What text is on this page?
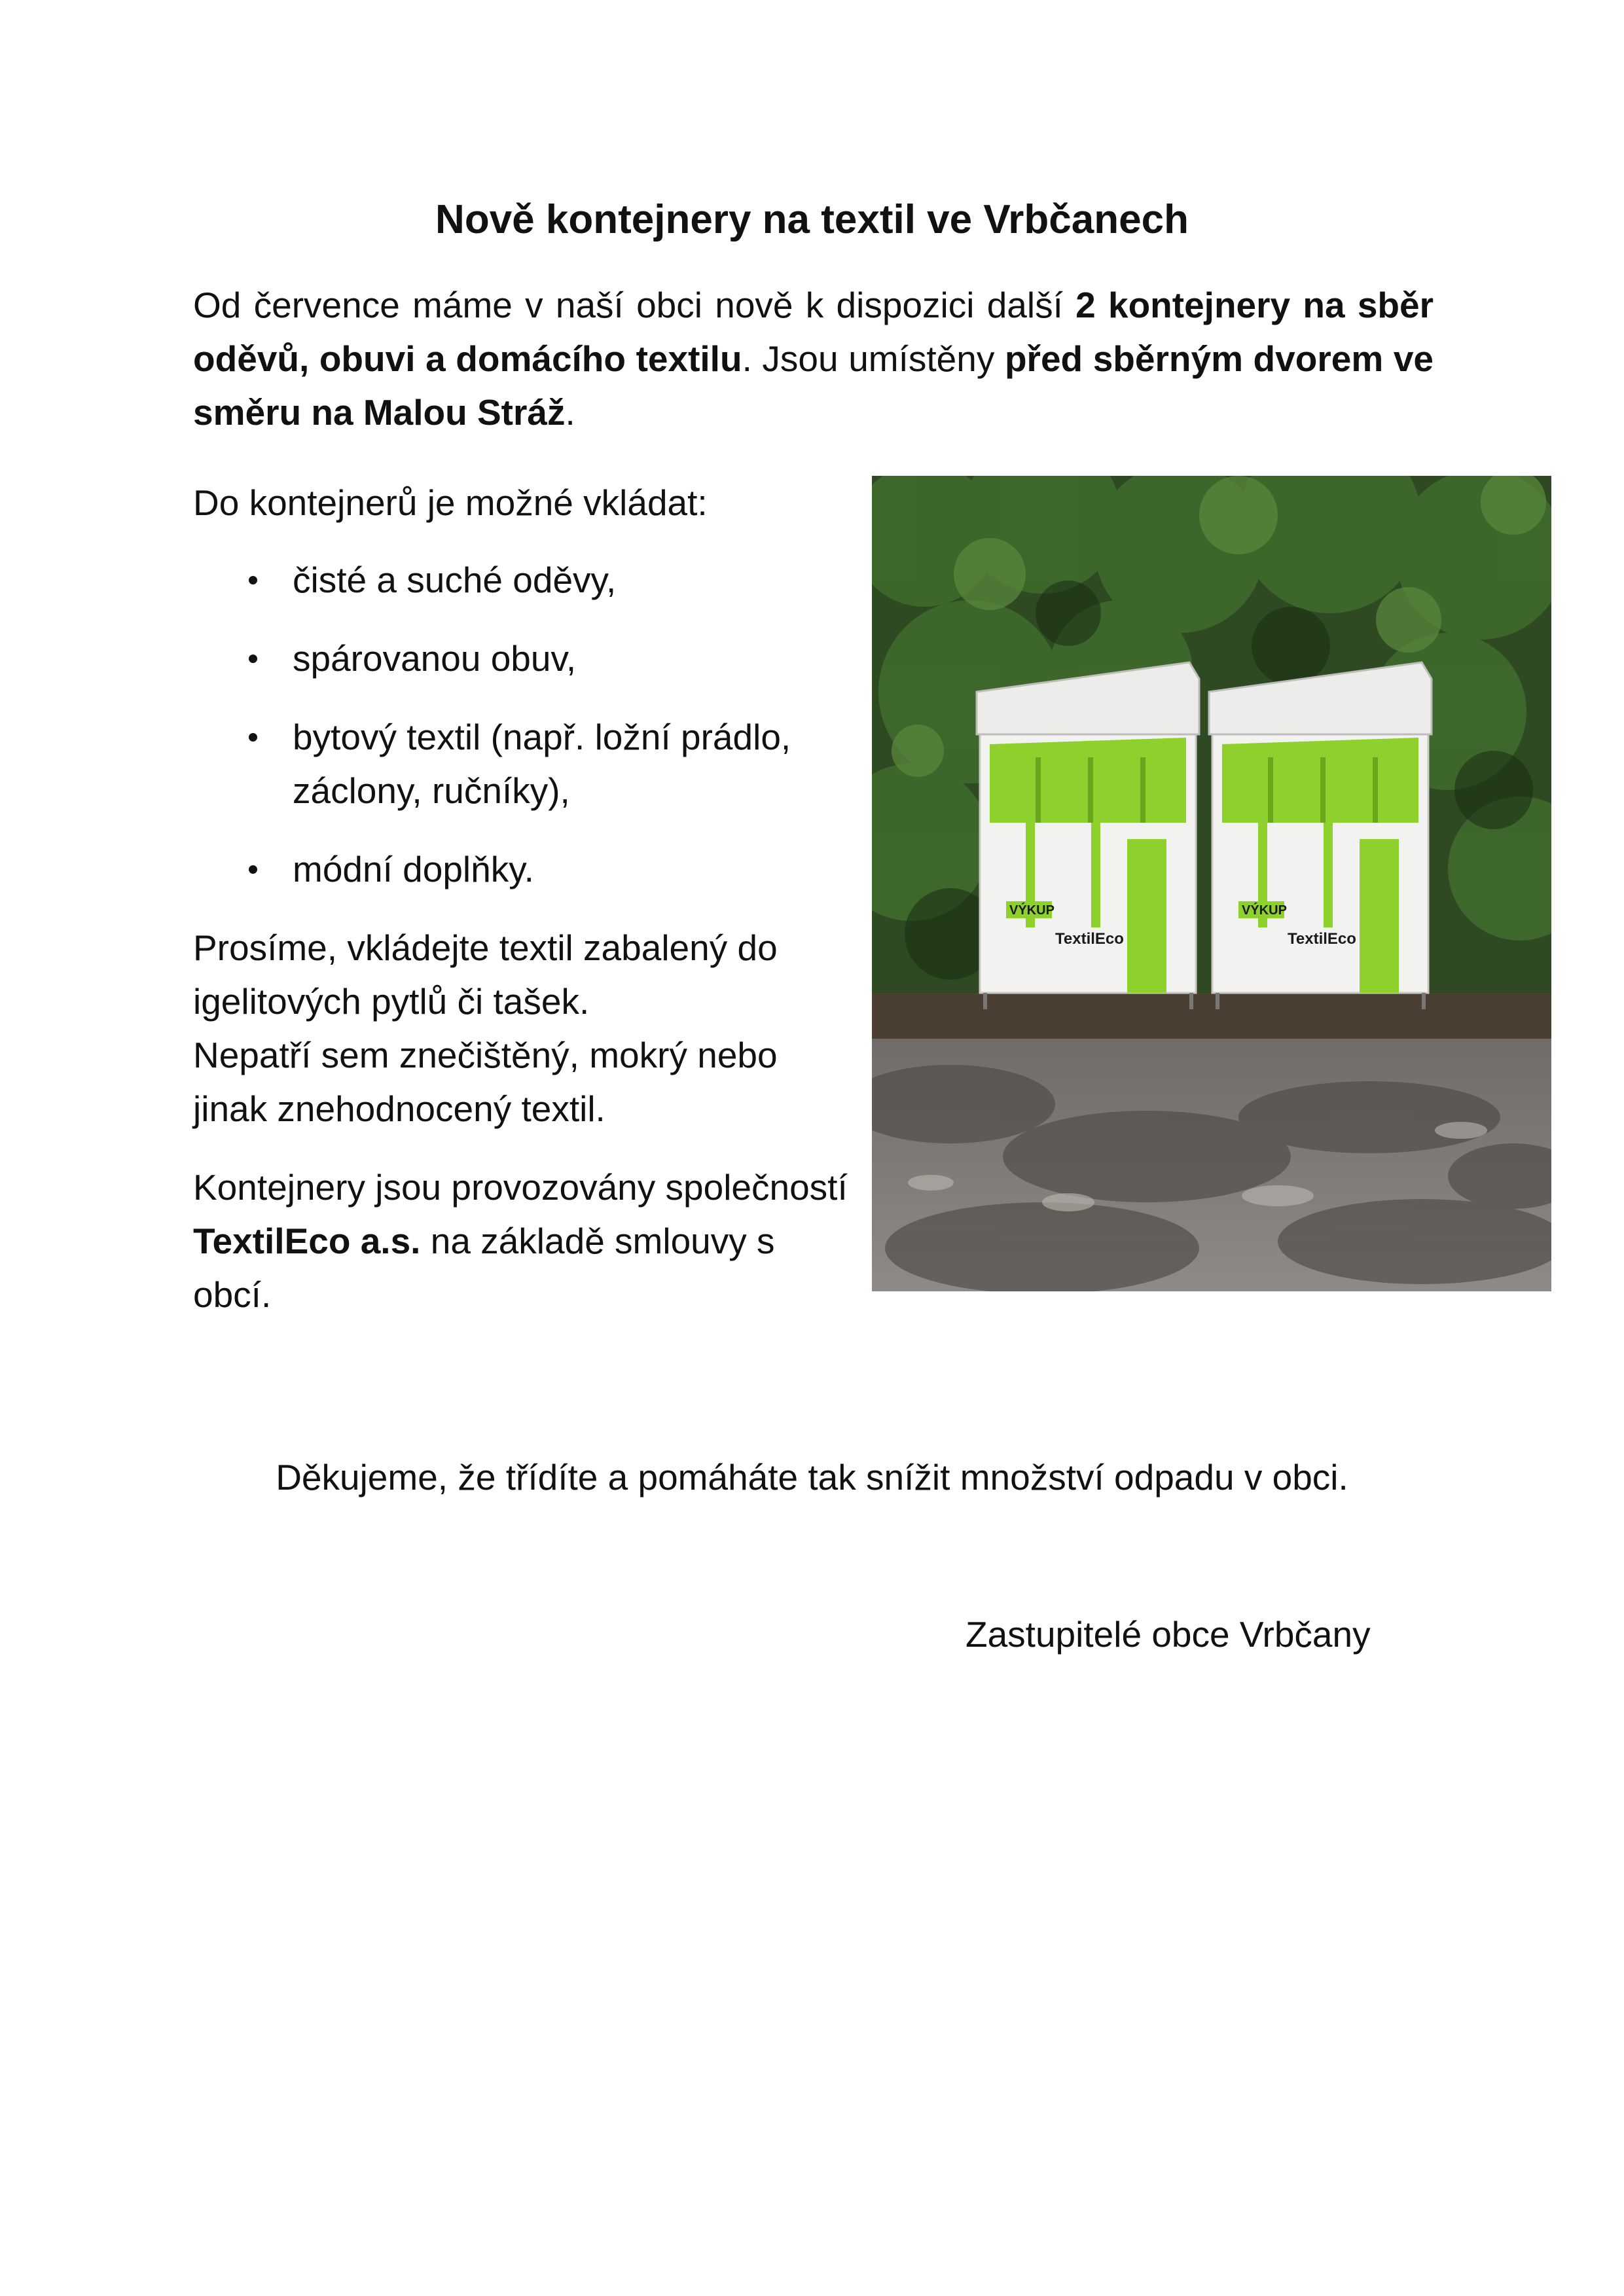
Nově kontejnery na textil ve Vrbčanech

Od července máme v naší obci nově k dispozici další 2 kontejnery na sběr oděvů, obuvi a domácího textilu. Jsou umístěny před sběrným dvorem ve směru na Malou Stráž.

Do kontejnerů je možné vkládat:

čisté a suché oděvy,
spárovanou obuv,
bytový textil (např. ložní prádlo, záclony, ručníky),
módní doplňky.

Prosíme, vkládejte textil zabalený do igelitových pytlů či tašek.
Nepatří sem znečištěný, mokrý nebo jinak znehodnocený textil.

Kontejnery jsou provozovány společností TextilEco a.s. na základě smlouvy s obcí.

VÝKUP
TextilEco
VÝKUP
TextilEco

Děkujeme, že třídíte a pomáháte tak snížit množství odpadu v obci.

Zastupitelé obce Vrbčany
